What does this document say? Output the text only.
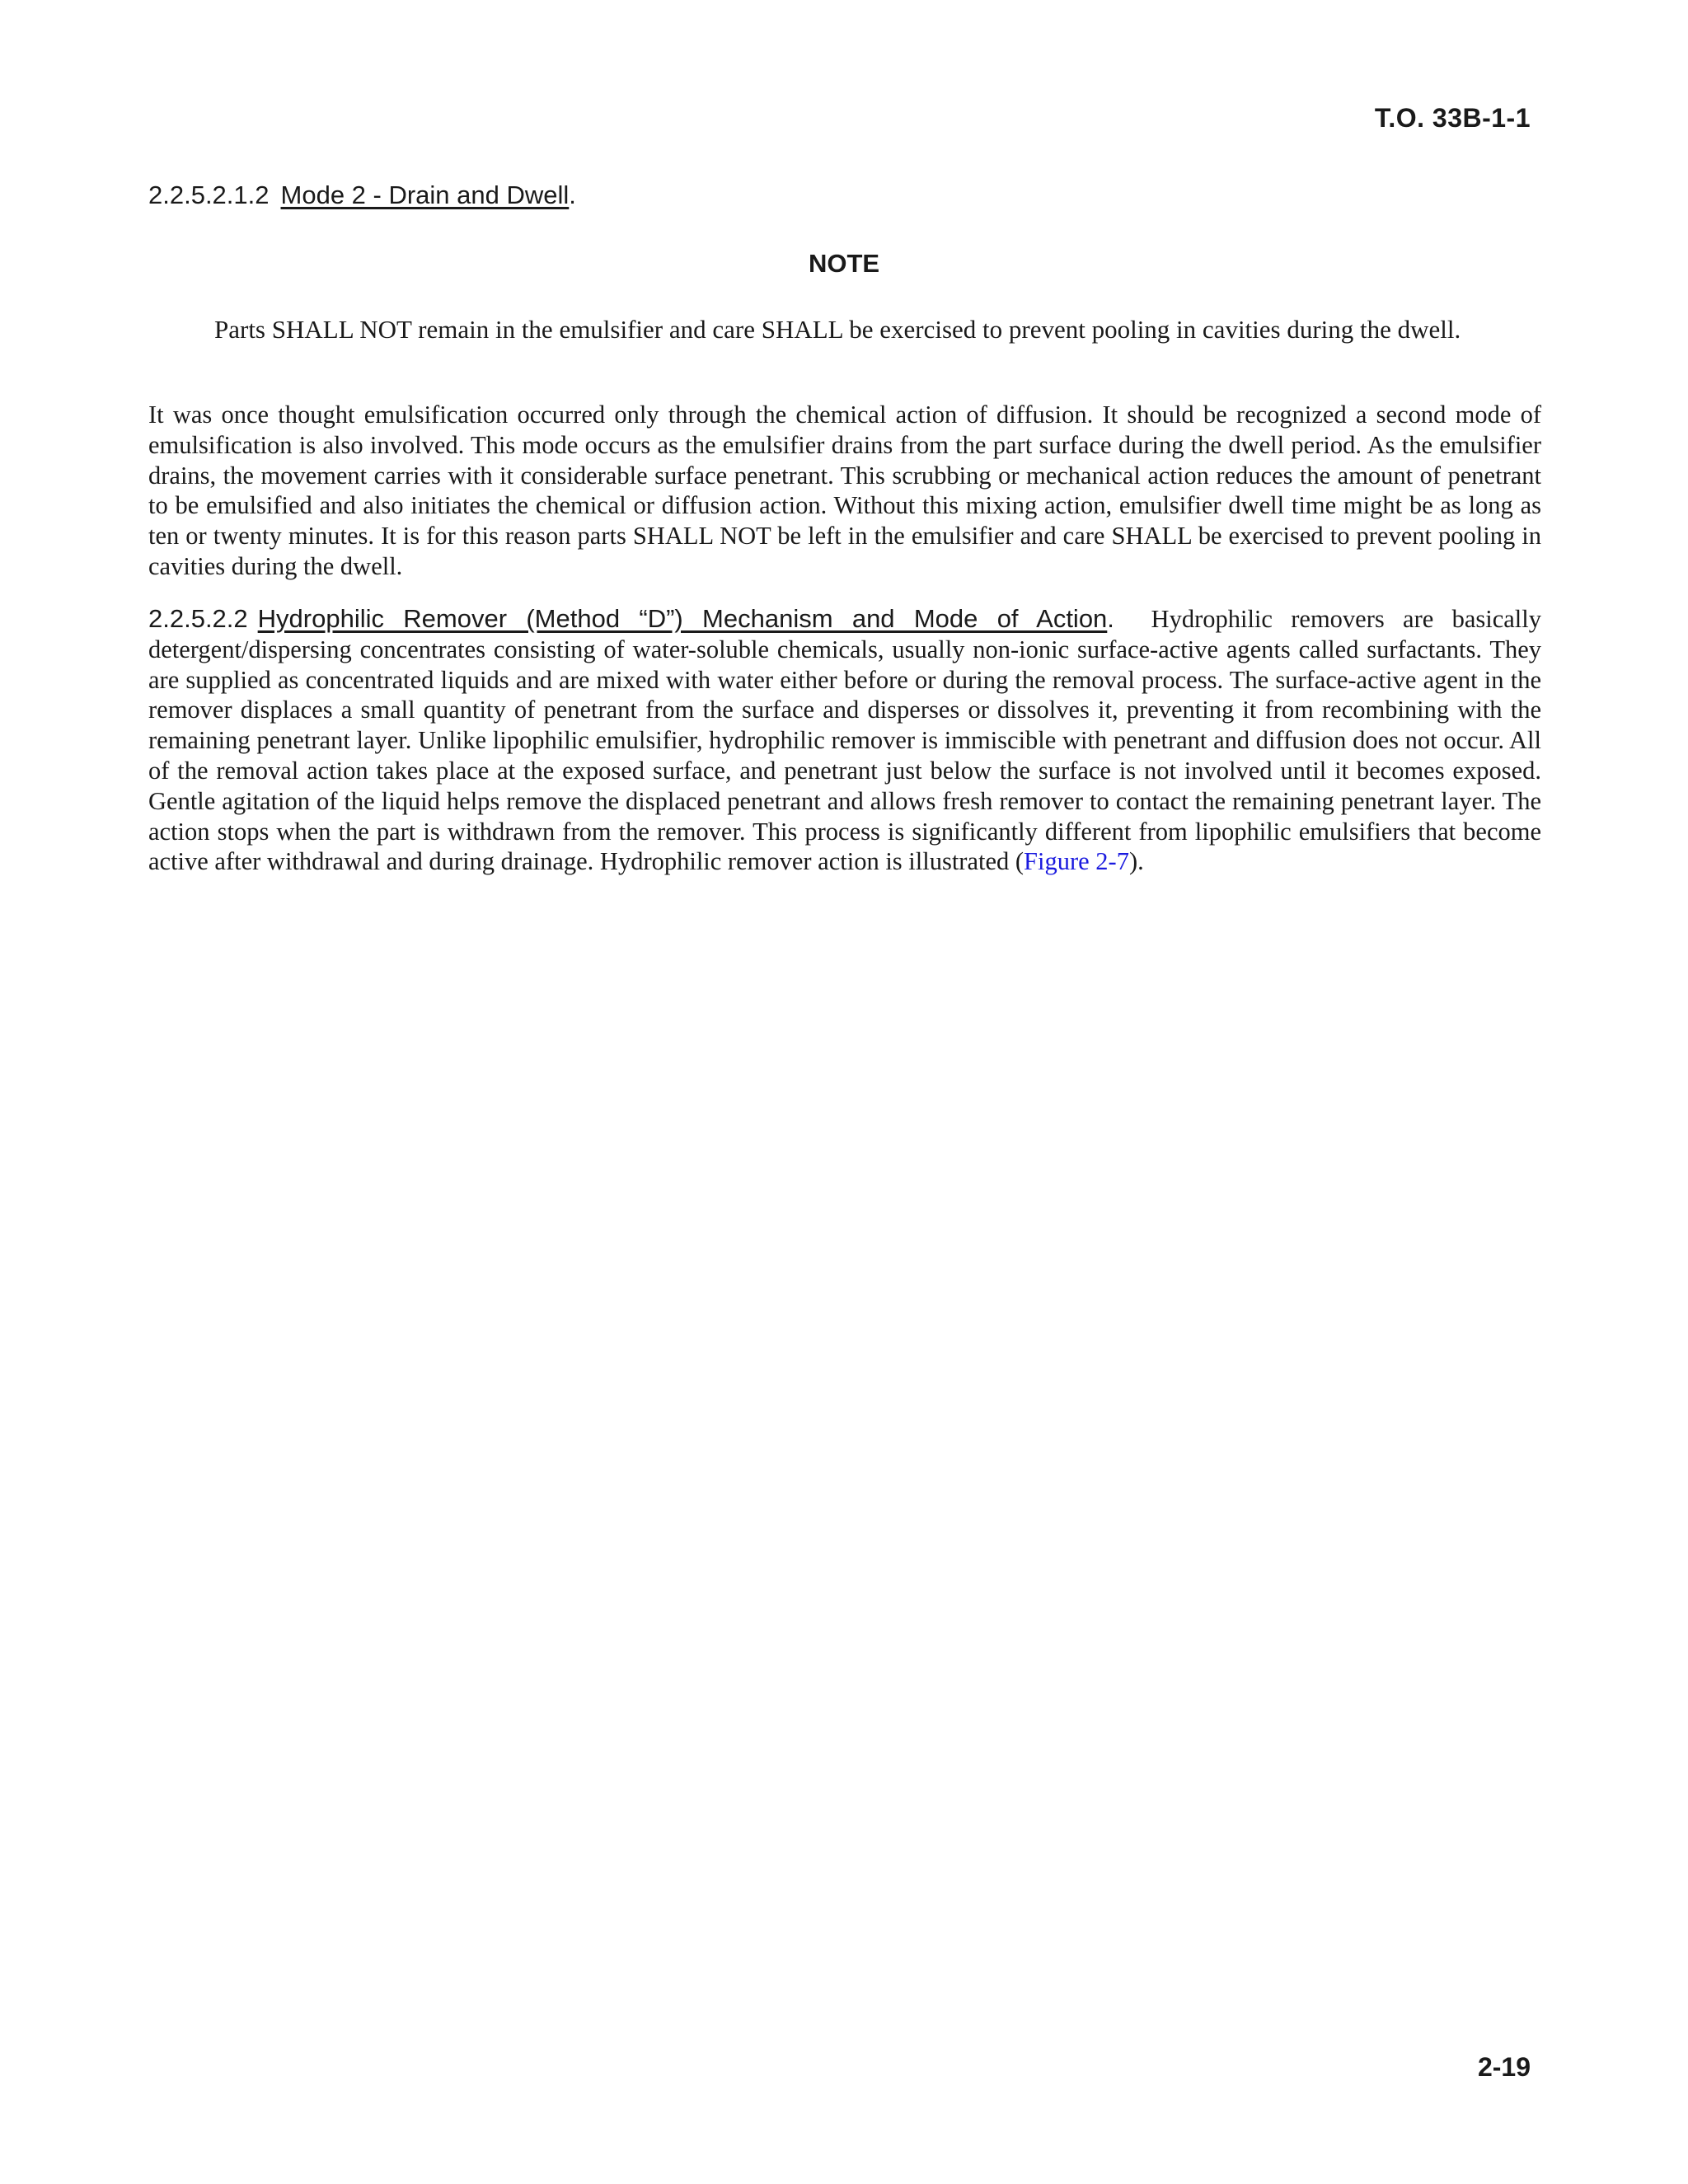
T.O. 33B-1-1
2.2.5.2.1.2 Mode 2 - Drain and Dwell.
NOTE
Parts SHALL NOT remain in the emulsifier and care SHALL be exercised to prevent pooling in cavities during the dwell.
It was once thought emulsification occurred only through the chemical action of diffusion. It should be recognized a second mode of emulsification is also involved. This mode occurs as the emulsifier drains from the part surface during the dwell period. As the emulsifier drains, the movement carries with it considerable surface penetrant. This scrubbing or mechanical action reduces the amount of penetrant to be emulsified and also initiates the chemical or diffusion action. Without this mixing action, emulsifier dwell time might be as long as ten or twenty minutes. It is for this reason parts SHALL NOT be left in the emulsifier and care SHALL be exercised to prevent pooling in cavities during the dwell.
2.2.5.2.2 Hydrophilic Remover (Method “D”) Mechanism and Mode of Action. Hydrophilic removers are basically detergent/dispersing concentrates consisting of water-soluble chemicals, usually non-ionic surface-active agents called surfactants. They are supplied as concentrated liquids and are mixed with water either before or during the removal process. The surface-active agent in the remover displaces a small quantity of penetrant from the surface and disperses or dissolves it, preventing it from recombining with the remaining penetrant layer. Unlike lipophilic emulsifier, hydrophilic remover is immiscible with penetrant and diffusion does not occur. All of the removal action takes place at the exposed surface, and penetrant just below the surface is not involved until it becomes exposed. Gentle agitation of the liquid helps remove the displaced penetrant and allows fresh remover to contact the remaining penetrant layer. The action stops when the part is withdrawn from the remover. This process is significantly different from lipophilic emulsifiers that become active after withdrawal and during drainage. Hydrophilic remover action is illustrated (Figure 2-7).
2-19
